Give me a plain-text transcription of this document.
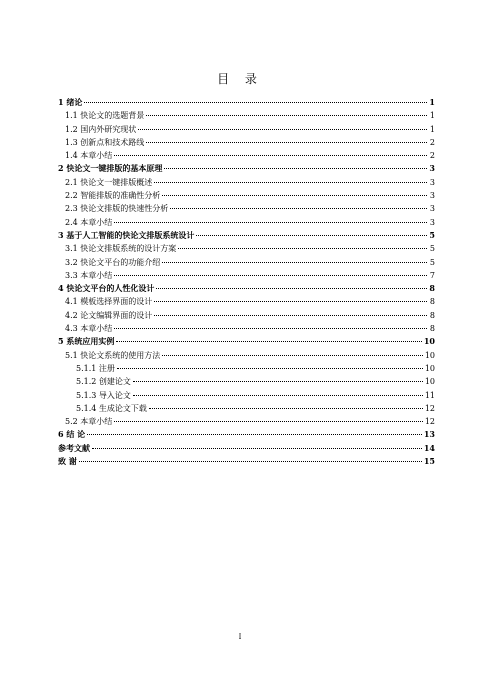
目 录
1 绪论	1
1.1 快论文的选题背景	1
1.2 国内外研究现状	1
1.3 创新点和技术路线	2
1.4 本章小结	2
2 快论文一键排版的基本原理	3
2.1 快论文一键排版概述	3
2.2 智能排版的准确性分析	3
2.3 快论文排版的快速性分析	3
2.4 本章小结	3
3 基于人工智能的快论文排版系统设计	5
3.1 快论文排版系统的设计方案	5
3.2 快论文平台的功能介绍	5
3.3 本章小结	7
4 快论文平台的人性化设计	8
4.1 模板选择界面的设计	8
4.2 论文编辑界面的设计	8
4.3 本章小结	8
5 系统应用实例	10
5.1 快论文系统的使用方法	10
5.1.1 注册	10
5.1.2 创建论文	10
5.1.3 导入论文	11
5.1.4 生成论文下载	12
5.2 本章小结	12
6 结 论	13
参考文献	14
致 谢	15
I
